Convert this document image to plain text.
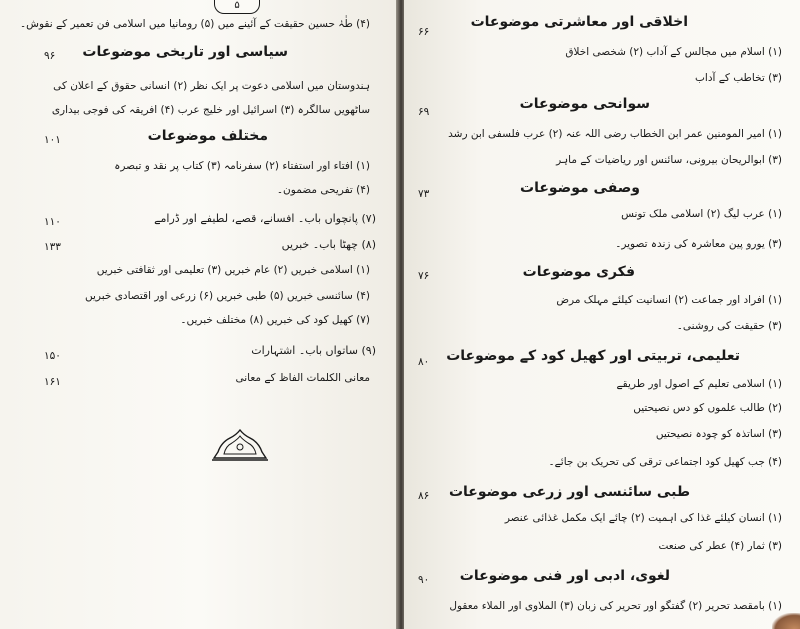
۵
(۴) طٰہٰ حسین حقیقت کے آئینے میں (۵) رومانیا میں اسلامی فن تعمیر کے نقوش۔
سیاسی اور تاریخی موضوعات
۹۶
ہندوستان میں اسلامی دعوت پر ایک نظر (۲) انسانی حقوق کے اعلان کی
ساٹھویں سالگرہ (۳) اسرائیل اور خلیج عرب (۴) افریقہ کی فوجی بیداری
مختلف موضوعات
۱۰۱
(۱) افتاء اور استفتاء (۲) سفرنامہ (۳) کتاب پر نقد و تبصرہ
(۴) تفریحی مضمون۔
(۷) پانچواں باب۔ افسانے، قصے، لطیفے اور ڈرامے
۱۱۰
(۸) چھٹا باب۔ خبریں
۱۳۳
(۱) اسلامی خبریں (۲) عام خبریں (۳) تعلیمی اور ثقافتی خبریں
(۴) سائنسی خبریں (۵) طبی خبریں (۶) زرعی اور اقتصادی خبریں
(۷) کھیل کود کی خبریں (۸) مختلف خبریں۔
(۹) ساتواں باب۔ اشتہارات
۱۵۰
معانی الکلمات الفاظ کے معانی
۱۶۱
اخلاقی اور معاشرتی موضوعات
۶۶
(۱) اسلام میں مجالس کے آداب (۲) شخصی اخلاق
(۳) تخاطب کے آداب
سوانحی موضوعات
۶۹
(۱) امیر المومنین عمر ابن الخطاب رضی اللہ عنہ (۲) عرب فلسفی ابن رشد
(۳) ابوالریحان بیرونی، سائنس اور ریاضیات کے ماہر
وصفی موضوعات
۷۳
(۱) عرب لیگ (۲) اسلامی ملک تونس
(۳) یورو پین معاشرہ کی زندہ تصویر۔
فکری موضوعات
۷۶
(۱) افراد اور جماعت (۲) انسانیت کیلئے مہلک مرض
(۳) حقیقت کی روشنی۔
تعلیمی، تربیتی اور کھیل کود کے موضوعات
۸۰
(۱) اسلامی تعلیم کے اصول اور طریقے
(۲) طالب علموں کو دس نصیحتیں
(۳) اساتذہ کو چودہ نصیحتیں
(۴) جب کھیل کود اجتماعی ترقی کی تحریک بن جائے۔
طبی سائنسی اور زرعی موضوعات
۸۶
(۱) انسان کیلئے غذا کی اہمیت (۲) چائے ایک مکمل غذائی عنصر
(۳) ثمار (۴) عطر کی صنعت
لغوی، ادبی اور فنی موضوعات
۹۰
(۱) بامقصد تحریر (۲) گفتگو اور تحریر کی زبان (۳) الملاوی اور الملاء معقول
